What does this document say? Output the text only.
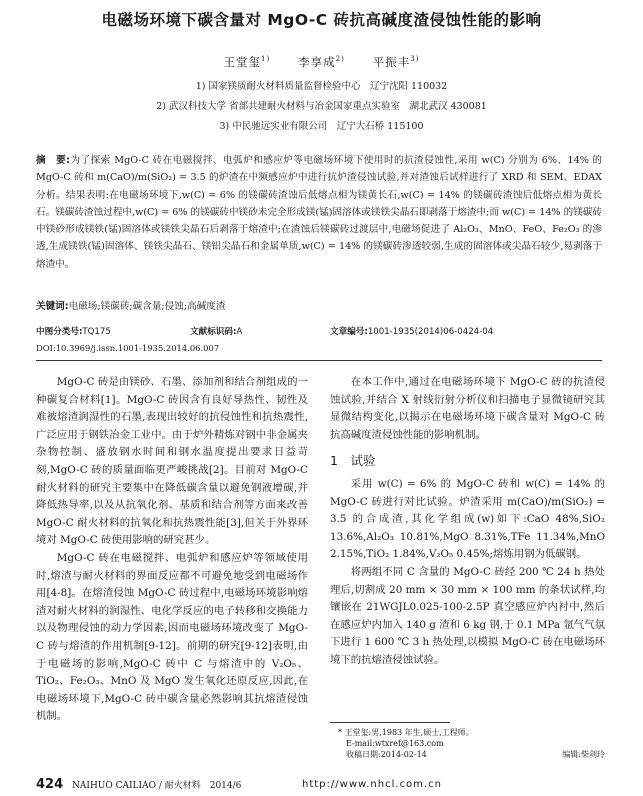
电磁场环境下碳含量对 MgO-C 砖抗高碱度渣侵蚀性能的影响
王堂玺$^{1)}$ 李享成$^{2)}$ 平振丰$^{3)}$
1) 国家镁质耐火材料质量监督检验中心　辽宁沈阳 110032
2) 武汉科技大学 省部共建耐火材料与冶金国家重点实验室　湖北武汉 430081
3) 中民驰远实业有限公司　辽宁大石桥 115100
摘　要:为了探索 MgO-C 砖在电磁搅拌、电弧炉和感应炉等电磁场环境下使用时的抗渣侵蚀性,采用 w(C) 分别为 6%、14% 的 MgO-C 砖和 m(CaO)/m(SiO₂) = 3.5 的炉渣在中频感应炉中进行抗炉渣侵蚀试验,并对渣蚀后试样进行了 XRD 和 SEM、EDAX 分析。结果表明:在电磁场环境下,w(C) = 6% 的镁碳砖渣蚀后低熔点相为镁黄长石,w(C) = 14% 的镁碳砖渣蚀后低熔点相为黄长石。镁碳砖渣蚀过程中,w(C) = 6% 的镁碳砖中镁砂未完全形成镁(锰)固溶体或镁铁尖晶石即剥落于熔渣中;而 w(C) = 14% 的镁碳砖中镁砂形成镁铁(锰)固溶体或镁铁尖晶石后剥落于熔渣中;在渣蚀后镁碳砖过渡层中,电磁场促进了 Al₂O₃、MnO、FeO、Fe₂O₃ 的渗透,生成镁铁(锰)固溶体、镁铁尖晶石、镁铝尖晶石和金属单质,w(C) = 14% 的镁碳砖渗透较弱,生成的固溶体或尖晶石较少,易剥落于熔渣中。
关键词:电磁场;镁碳砖;碳含量;侵蚀;高碱度渣
中图分类号:TQ175	文献标识码:A	文章编号:1001-1935(2014)06-0424-04
DOI:10.3969/j.issn.1001-1935.2014.06.007

MgO-C 砖是由镁砂、石墨、添加剂和结合剂组成的一种碳复合材料[1]。MgO-C 砖因含有良好导热性、韧性及难被熔渣润湿性的石墨,表现出较好的抗侵蚀性和抗热震性,广泛应用于钢铁冶金工业中。由于炉外精炼对钢中非金属夹杂物控制、盛放钢水时间和钢水温度提出要求日益苛刻,MgO-C 砖的质量面临更严峻挑战[2]。目前对 MgO-C 耐火材料的研究主要集中在降低碳含量以避免钢液增碳,并降低热导率,以及从抗氧化剂、基质和结合剂等方面来改善 MgO-C 耐火材料的抗氧化和抗热震性能[3],但关于外界环境对 MgO-C 砖使用影响的研究甚少。

MgO-C 砖在电磁搅拌、电弧炉和感应炉等领域使用时,熔渣与耐火材料的界面反应都不可避免地受到电磁场作用[4-8]。在熔渣侵蚀 MgO-C 砖过程中,电磁场环境影响熔渣对耐火材料的润湿性、电化学反应的电子转移和交换能力以及物理侵蚀的动力学因素,因而电磁场环境改变了 MgO-C 砖与熔渣的作用机制[9-12]。前期的研究[9-12]表明,由于电磁场的影响,MgO-C 砖中 C 与熔渣中的 V₂O₅、TiO₂、Fe₂O₃、MnO 及 MgO 发生氧化还原反应,因此,在电磁场环境下,MgO-C 砖中碳含量必然影响其抗熔渣侵蚀机制。

在本工作中,通过在电磁场环境下 MgO-C 砖的抗渣侵蚀试验,并结合 X 射线衍射分析仪和扫描电子显微镜研究其显微结构变化,以揭示在电磁场环境下碳含量对 MgO-C 砖抗高碱度渣侵蚀性能的影响机制。

1　试验

采用 w(C) = 6% 的 MgO-C 砖和 w(C) = 14% 的 MgO-C 砖进行对比试验。炉渣采用 m(CaO)/m(SiO₂) = 3.5 的合成渣,其化学组成(w)如下:CaO 48%,SiO₂ 13.6%,Al₂O₃ 10.81%,MgO 8.31%,TFe 11.34%,MnO 2.15%,TiO₂ 1.84%,V₂O₅ 0.45%;熔炼用钢为低碳钢。

将两组不同 C 含量的 MgO-C 砖经 200 ℃ 24 h 热处理后,切割成 20 mm × 30 mm × 100 mm 的条状试样,均镶嵌在 21WGJL0.025-100-2.5P 真空感应炉内衬中,然后在感应炉内加入 140 g 渣和 6 kg 钢,于 0.1 MPa 氩气气氛下进行 1 600 ℃ 3 h 热处理,以模拟 MgO-C 砖在电磁场环境下的抗熔渣侵蚀试验。

* 王堂玺:男,1983 年生,硕士,工程师。
E-mail:wtxref@163.com
收稿日期:2014-02-14	编辑:柴剑玲
424 NAIHUO CAILIAO / 耐火材料　2014/6	http://www.nhcl.com.cn
